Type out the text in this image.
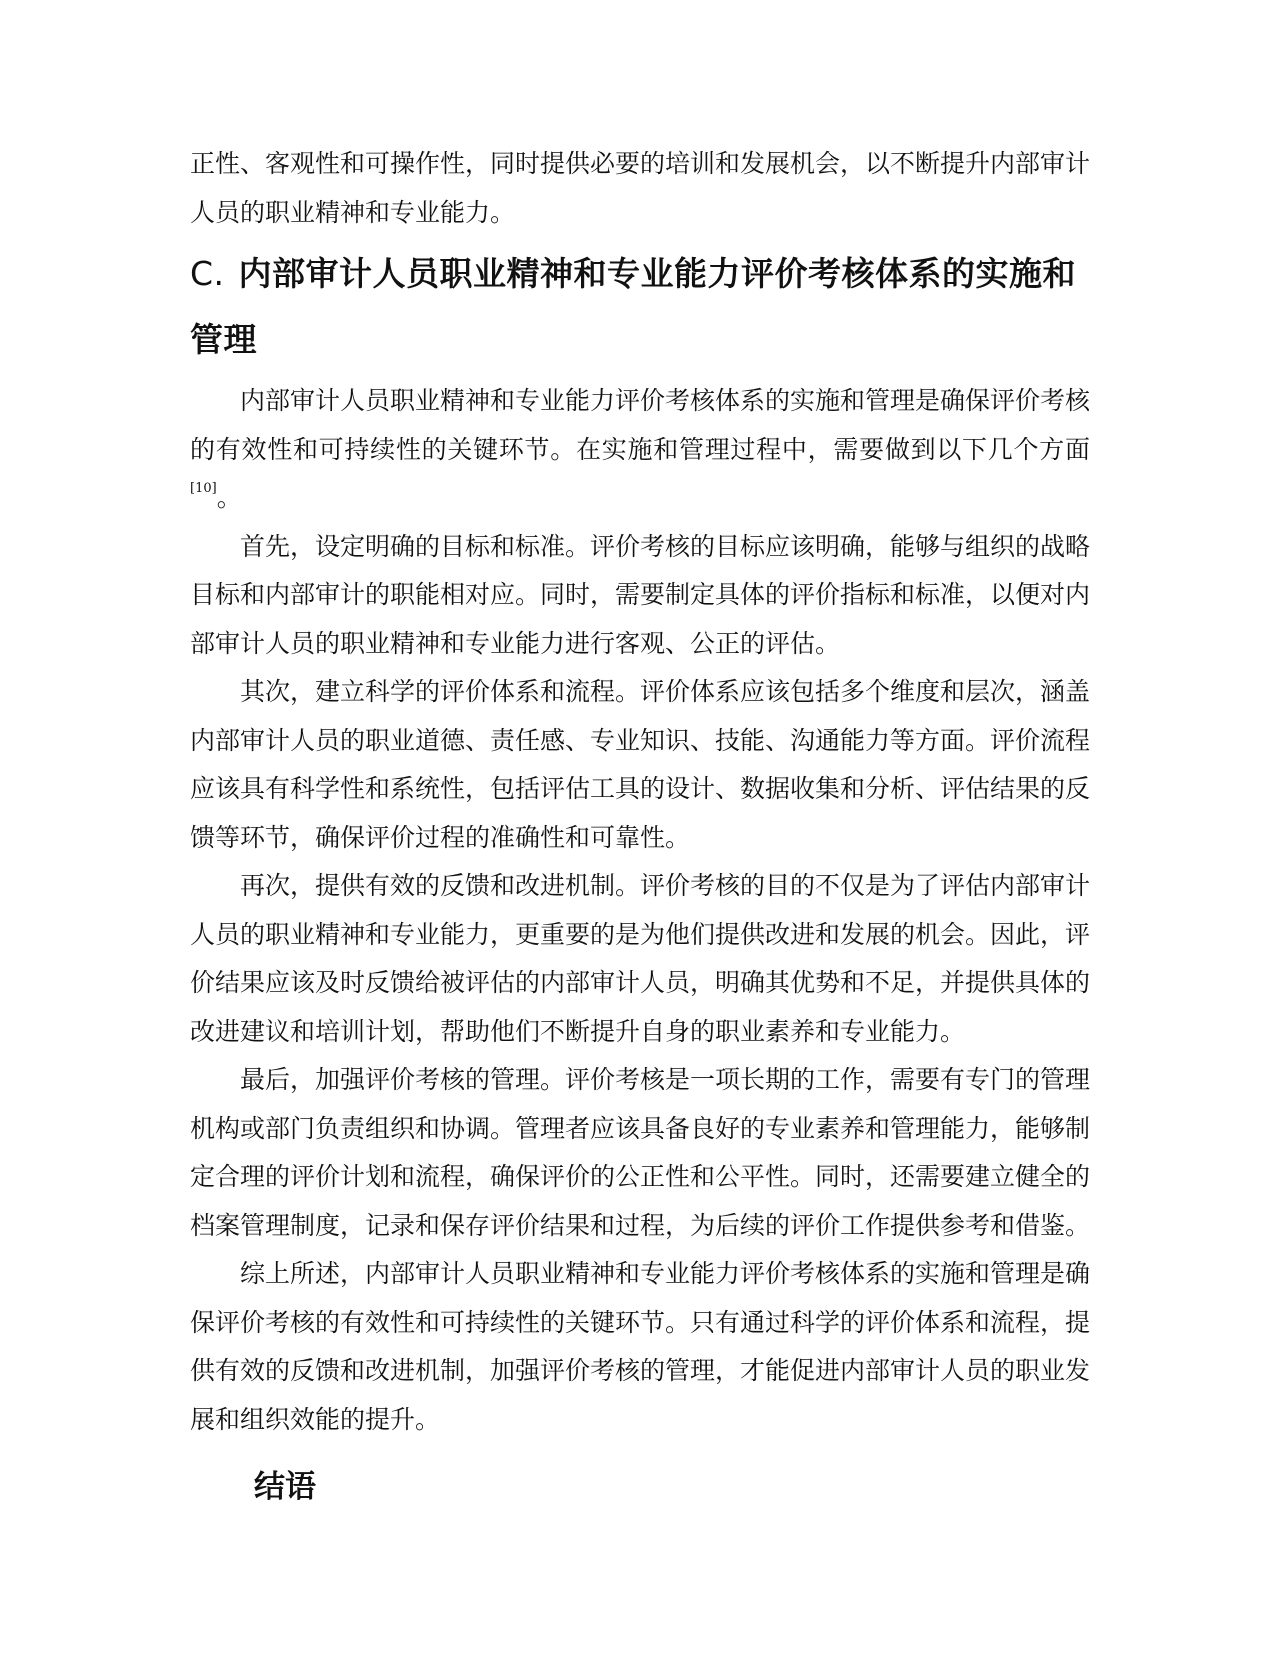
正性、客观性和可操作性，同时提供必要的培训和发展机会，以不断提升内部审计人员的职业精神和专业能力。

C. 内部审计人员职业精神和专业能力评价考核体系的实施和管理

内部审计人员职业精神和专业能力评价考核体系的实施和管理是确保评价考核的有效性和可持续性的关键环节。在实施和管理过程中，需要做到以下几个方面[10]。

首先，设定明确的目标和标准。评价考核的目标应该明确，能够与组织的战略目标和内部审计的职能相对应。同时，需要制定具体的评价指标和标准，以便对内部审计人员的职业精神和专业能力进行客观、公正的评估。

其次，建立科学的评价体系和流程。评价体系应该包括多个维度和层次，涵盖内部审计人员的职业道德、责任感、专业知识、技能、沟通能力等方面。评价流程应该具有科学性和系统性，包括评估工具的设计、数据收集和分析、评估结果的反馈等环节，确保评价过程的准确性和可靠性。

再次，提供有效的反馈和改进机制。评价考核的目的不仅是为了评估内部审计人员的职业精神和专业能力，更重要的是为他们提供改进和发展的机会。因此，评价结果应该及时反馈给被评估的内部审计人员，明确其优势和不足，并提供具体的改进建议和培训计划，帮助他们不断提升自身的职业素养和专业能力。

最后，加强评价考核的管理。评价考核是一项长期的工作，需要有专门的管理机构或部门负责组织和协调。管理者应该具备良好的专业素养和管理能力，能够制定合理的评价计划和流程，确保评价的公正性和公平性。同时，还需要建立健全的档案管理制度，记录和保存评价结果和过程，为后续的评价工作提供参考和借鉴。

综上所述，内部审计人员职业精神和专业能力评价考核体系的实施和管理是确保评价考核的有效性和可持续性的关键环节。只有通过科学的评价体系和流程，提供有效的反馈和改进机制，加强评价考核的管理，才能促进内部审计人员的职业发展和组织效能的提升。

结语
